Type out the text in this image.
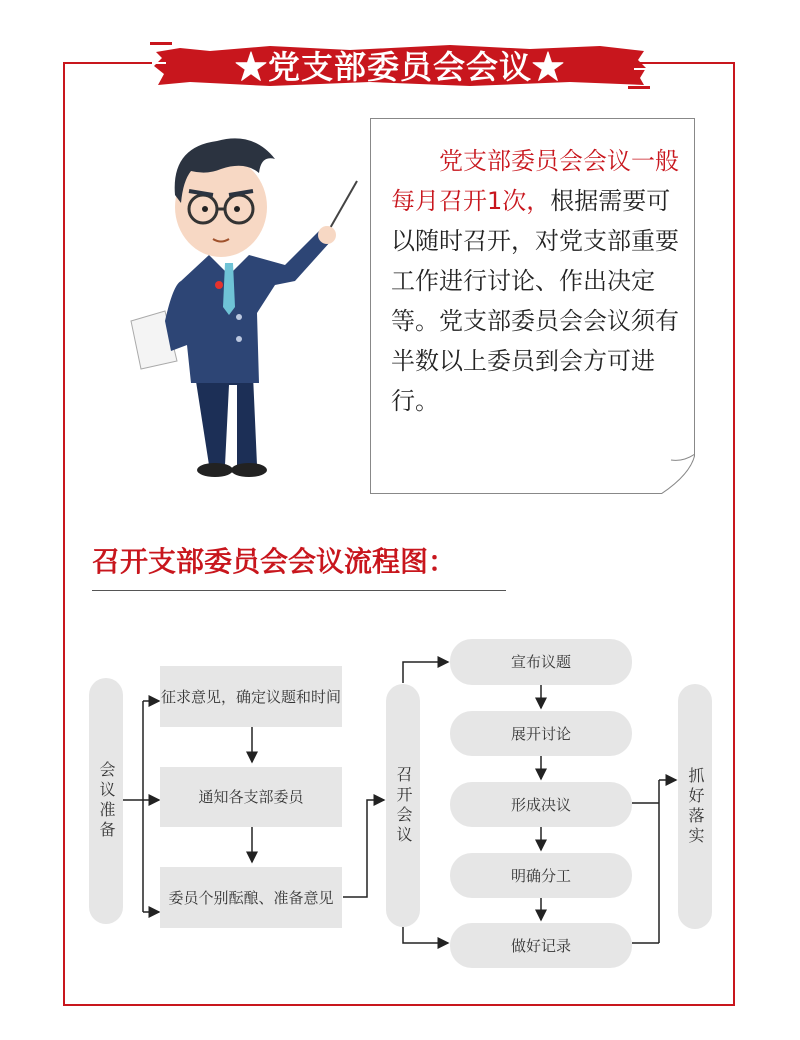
★党支部委员会会议★
党支部委员会会议一般每月召开1次，根据需要可以随时召开，对党支部重要工作进行讨论、作出决定等。党支部委员会会议须有半数以上委员到会方可进行。
召开支部委员会会议流程图：
会议准备
征求意见，确定议题和时间
通知各支部委员
委员个别酝酿、准备意见
召开会议
宣布议题
展开讨论
形成决议
明确分工
做好记录
抓好落实
